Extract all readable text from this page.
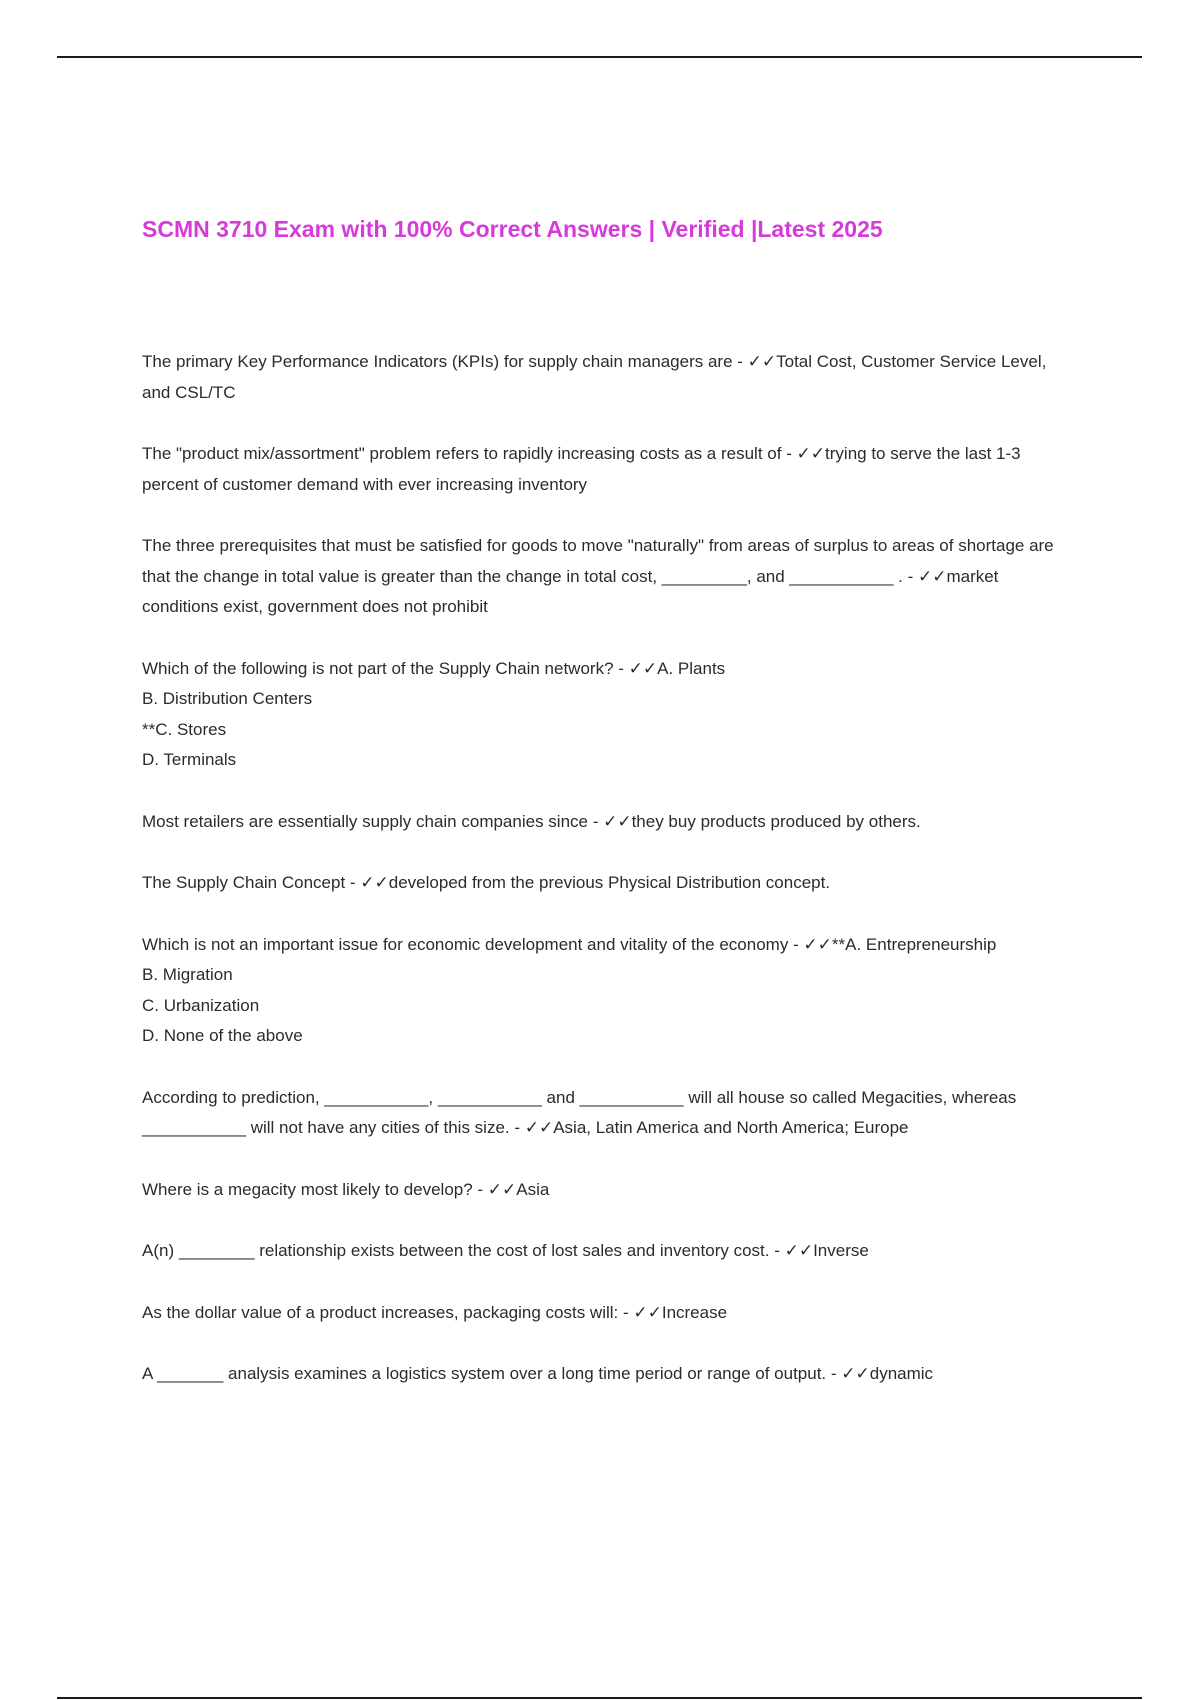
SCMN 3710 Exam with 100% Correct Answers | Verified |Latest 2025

The primary Key Performance Indicators (KPIs) for supply chain managers are - ✓✓Total Cost, Customer Service Level, and CSL/TC

The "product mix/assortment" problem refers to rapidly increasing costs as a result of - ✓✓trying to serve the last 1-3 percent of customer demand with ever increasing inventory

The three prerequisites that must be satisfied for goods to move "naturally" from areas of surplus to areas of shortage are that the change in total value is greater than the change in total cost, _________, and ___________ . - ✓✓market conditions exist, government does not prohibit

Which of the following is not part of the Supply Chain network? - ✓✓A. Plants

B. Distribution Centers

**C. Stores

D. Terminals

Most retailers are essentially supply chain companies since - ✓✓they buy products produced by others.

The Supply Chain Concept - ✓✓developed from the previous Physical Distribution concept.

Which is not an important issue for economic development and vitality of the economy - ✓✓**A. Entrepreneurship

B. Migration

C. Urbanization

D. None of the above

According to prediction, ___________, ___________ and ___________ will all house so called Megacities, whereas ___________ will not have any cities of this size. - ✓✓Asia, Latin America and North America; Europe

Where is a megacity most likely to develop? - ✓✓Asia

A(n) ________ relationship exists between the cost of lost sales and inventory cost. - ✓✓Inverse

As the dollar value of a product increases, packaging costs will: - ✓✓Increase

A _______ analysis examines a logistics system over a long time period or range of output. - ✓✓dynamic
